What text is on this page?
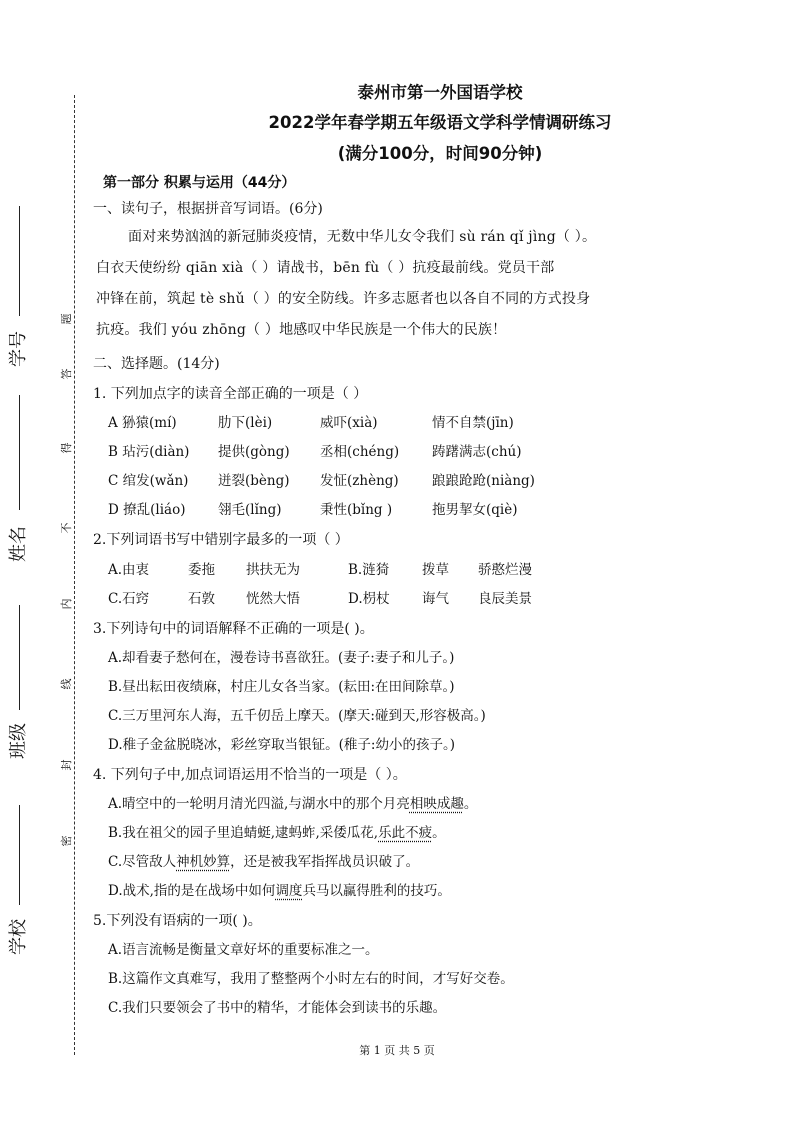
学号
姓名
班级
学校
题
答
得
不
内
线
封
密
泰州市第一外国语学校
2022学年春学期五年级语文学科学情调研练习
(满分100分，时间90分钟)
第一部分 积累与运用（44分）
一、读句子，根据拼音写词语。(6分)
面对来势汹汹的新冠肺炎疫情，无数中华儿女令我们 sù rán qǐ jìng（ ）。
白衣天使纷纷 qiān xià（ ）请战书，bēn fù（ ）抗疫最前线。党员干部
冲锋在前，筑起 tè shǔ（ ）的安全防线。许多志愿者也以各自不同的方式投身
抗疫。我们 yóu zhōng（ ）地感叹中华民族是一个伟大的民族！
二、选择题。(14分)
1. 下列加点字的读音全部正确的一项是（ ）
A 狲猿(mí)	肋下(lèi)	威吓(xià)	情不自禁(jīn)
B 玷污(diàn) 提供(gòng) 丞相(chéng) 踌躇满志(chú)
C 绾发(wǎn) 迸裂(bèng) 发怔(zhèng) 踉踉跄跄(niàng)
D 撩乱(liáo) 翎毛(lǐng)	秉性(bǐng )	拖男挈女(qiè)
2.下列词语书写中错别字最多的一项（ ）
A.由衷	委拖 拱扶无为	B.涟猗 拨草 骄憨烂漫
C.石窍	石敦 恍然大悟	D.枴杖 诲气 良辰美景
3.下列诗句中的词语解释不正确的一项是( )。
A.却看妻子愁何在，漫卷诗书喜欲狂。(妻子:妻子和儿子。)
B.昼出耘田夜绩麻，村庄儿女各当家。(耘田:在田间除草。)
C.三万里河东人海，五千仞岳上摩天。(摩天:碰到天,形容极高。)
D.稚子金盆脱晓冰，彩丝穿取当银钲。(稚子:幼小的孩子。)
4. 下列句子中,加点词语运用不恰当的一项是（ ）。
A.晴空中的一轮明月清光四溢,与湖水中的那个月亮相映成趣。
B.我在祖父的园子里追蜻蜓,逮蚂蚱,采倭瓜花,乐此不疲。
C.尽管敌人神机妙算，还是被我军指挥战员识破了。
D.战术,指的是在战场中如何调度兵马以赢得胜利的技巧。
5.下列没有语病的一项( )。
A.语言流畅是衡量文章好坏的重要标准之一。
B.这篇作文真难写，我用了整整两个小时左右的时间，才写好交卷。
C.我们只要领会了书中的精华，才能体会到读书的乐趣。
第 1 页 共 5 页
